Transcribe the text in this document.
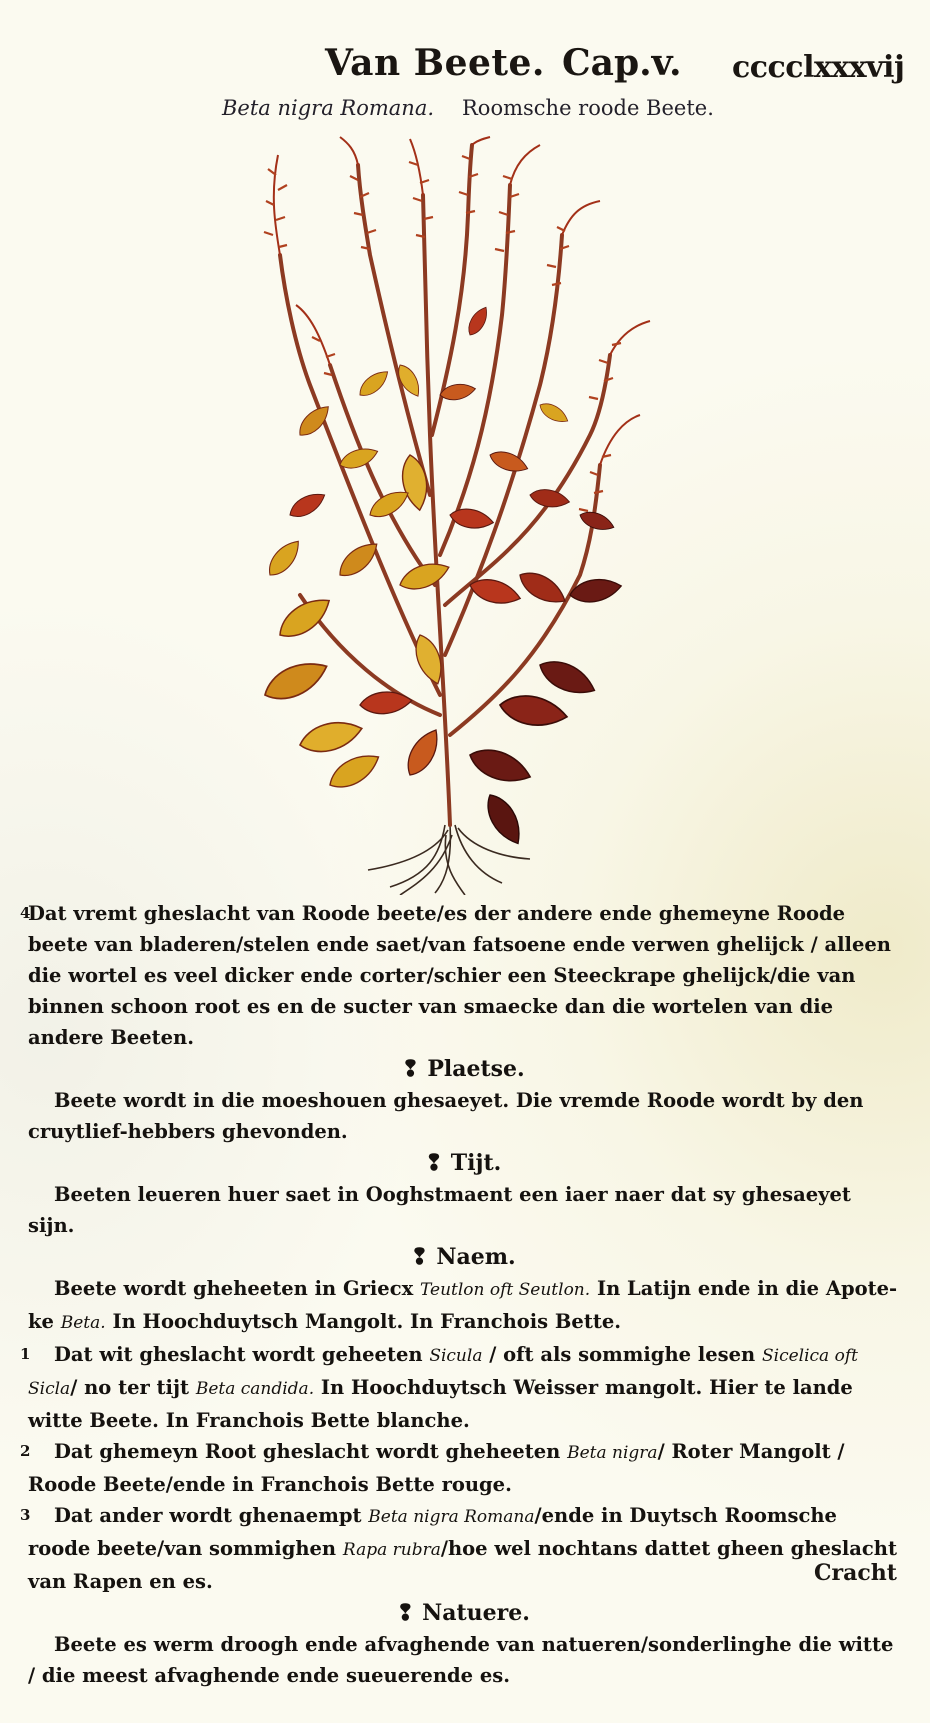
Van Beete. Cap.v. cccclxxxvij
Beta nigra Romana. Roomsche roode Beete.

4
Dat vremt gheslacht van Roode beete/es der andere ende ghemeyne Roode beete van bladeren/stelen ende saet/van fatsoene ende verwen ghelijck / alleen die wortel es veel dicker ende corter/schier een Steeckrape ghelijck/die van binnen schoon root es en de sucter van smaecke dan die wortelen van die andere Beeten.

❢ Plaetse.

Beete wordt in die moeshouen ghesaeyet. Die vremde Roode wordt by den cruytlief-hebbers ghevonden.

❢ Tijt.

Beeten leueren huer saet in Ooghstmaent een iaer naer dat sy ghesaeyet sijn.

❢ Naem.

Beete wordt gheheeten in Griecx Teutlon oft Seutlon. In Latijn ende in die Apote-ke Beta. In Hoochduytsch Mangolt. In Franchois Bette.

1 Dat wit gheslacht wordt geheeten Sicula / oft als sommighe lesen Sicelica oft Sicla/ no ter tijt Beta candida. In Hoochduytsch Weisser mangolt. Hier te lande witte Beete. In Franchois Bette blanche.

2 Dat ghemeyn Root gheslacht wordt gheheeten Beta nigra/ Roter Mangolt / Roode Beete/ende in Franchois Bette rouge.

3 Dat ander wordt ghenaempt Beta nigra Romana/ende in Duytsch Roomsche roode beete/van sommighen Rapa rubra/hoe wel nochtans dattet gheen gheslacht van Rapen en es.

❢ Natuere.

Beete es werm droogh ende afvaghende van natueren/sonderlinghe die witte / die meest afvaghende ende sueuerende es.

Cracht
